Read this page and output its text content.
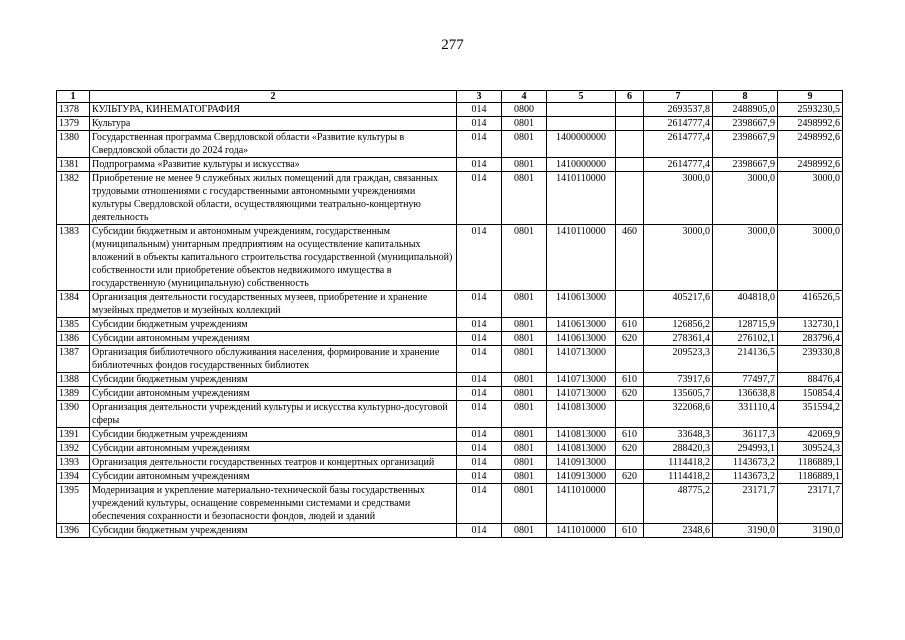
277
1	2	3	4	5	6	7	8	9
1378	КУЛЬТУРА, КИНЕМАТОГРАФИЯ	014	0800			2693537,8	2488905,0	2593230,5
1379	Культура	014	0801			2614777,4	2398667,9	2498992,6
1380	Государственная программа Свердловской области «Развитие культуры в Свердловской области до 2024 года»	014	0801	1400000000		2614777,4	2398667,9	2498992,6
1381	Подпрограмма «Развитие культуры и искусства»	014	0801	1410000000		2614777,4	2398667,9	2498992,6
1382	Приобретение не менее 9 служебных жилых помещений для граждан, связанных трудовыми отношениями с государственными автономными учреждениями культуры Свердловской области, осуществляющими театрально-концертную деятельность	014	0801	1410110000		3000,0	3000,0	3000,0
1383	Субсидии бюджетным и автономным учреждениям, государственным (муниципальным) унитарным предприятиям на осуществление капитальных вложений в объекты капитального строительства государственной (муниципальной) собственности или приобретение объектов недвижимого имущества в государственную (муниципальную) собственность	014	0801	1410110000	460	3000,0	3000,0	3000,0
1384	Организация деятельности государственных музеев, приобретение и хранение музейных предметов и музейных коллекций	014	0801	1410613000		405217,6	404818,0	416526,5
1385	Субсидии бюджетным учреждениям	014	0801	1410613000	610	126856,2	128715,9	132730,1
1386	Субсидии автономным учреждениям	014	0801	1410613000	620	278361,4	276102,1	283796,4
1387	Организация библиотечного обслуживания населения, формирование и хранение библиотечных фондов государственных библиотек	014	0801	1410713000		209523,3	214136,5	239330,8
1388	Субсидии бюджетным учреждениям	014	0801	1410713000	610	73917,6	77497,7	88476,4
1389	Субсидии автономным учреждениям	014	0801	1410713000	620	135605,7	136638,8	150854,4
1390	Организация деятельности учреждений культуры и искусства культурно-досуговой сферы	014	0801	1410813000		322068,6	331110,4	351594,2
1391	Субсидии бюджетным учреждениям	014	0801	1410813000	610	33648,3	36117,3	42069,9
1392	Субсидии автономным учреждениям	014	0801	1410813000	620	288420,3	294993,1	309524,3
1393	Организация деятельности государственных театров и концертных организаций	014	0801	1410913000		1114418,2	1143673,2	1186889,1
1394	Субсидии автономным учреждениям	014	0801	1410913000	620	1114418,2	1143673,2	1186889,1
1395	Модернизация и укрепление материально-технической базы государственных учреждений культуры, оснащение современными системами и средствами обеспечения сохранности и безопасности фондов, людей и зданий	014	0801	1411010000		48775,2	23171,7	23171,7
1396	Субсидии бюджетным учреждениям	014	0801	1411010000	610	2348,6	3190,0	3190,0
